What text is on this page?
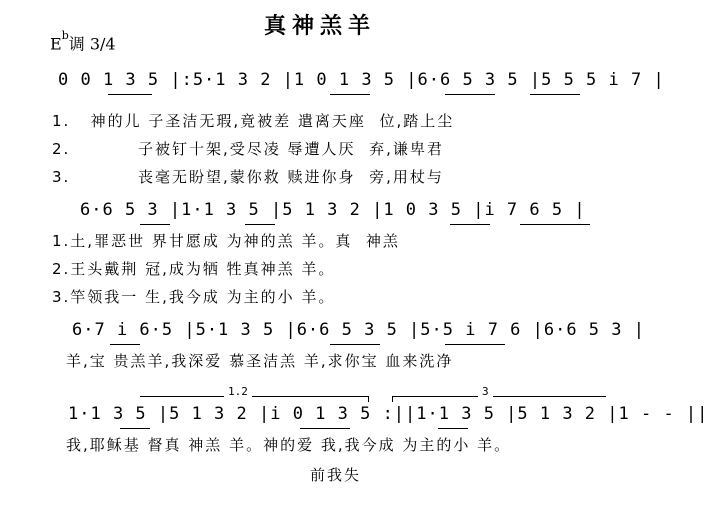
$E^b$调 3/4
真神羔羊
0 0 1 3 5 |:5·1 3 2 |1 0 1 3 5 |6·6 5 3 5 |5 5 5 i 7 |
1.   神的儿 子圣洁无瑕,竟被差 遣离天座  位,踏上尘
2.          子被钉十架,受尽凌 辱遭人厌  弃,谦卑君
3.          丧毫无盼望,蒙你救 赎进你身  旁,用杖与
6·6 5 3 |1·1 3 5 |5 1 3 2 |1 0 3 5 |i 7 6 5 |
1.土,罪恶世 界甘愿成 为神的羔 羊。真  神羔
2.王头戴荆 冠,成为牺 牲真神羔 羊。
3.竿领我一 生,我今成 为主的小 羊。
6·7 i 6·5 |5·1 3 5 |6·6 5 3 5 |5·5 i 7 6 |6·6 5 3 |
羊,宝 贵羔羊,我深爱 慕圣洁羔 羊,求你宝 血来洗净
1.2	3
1·1 3 5 |5 1 3 2 |i 0 1 3 5 :||1·1 3 5 |5 1 3 2 |1 - - ||
我,耶稣基 督真 神羔 羊。神的爱 我,我今成 为主的小 羊。
前我失
